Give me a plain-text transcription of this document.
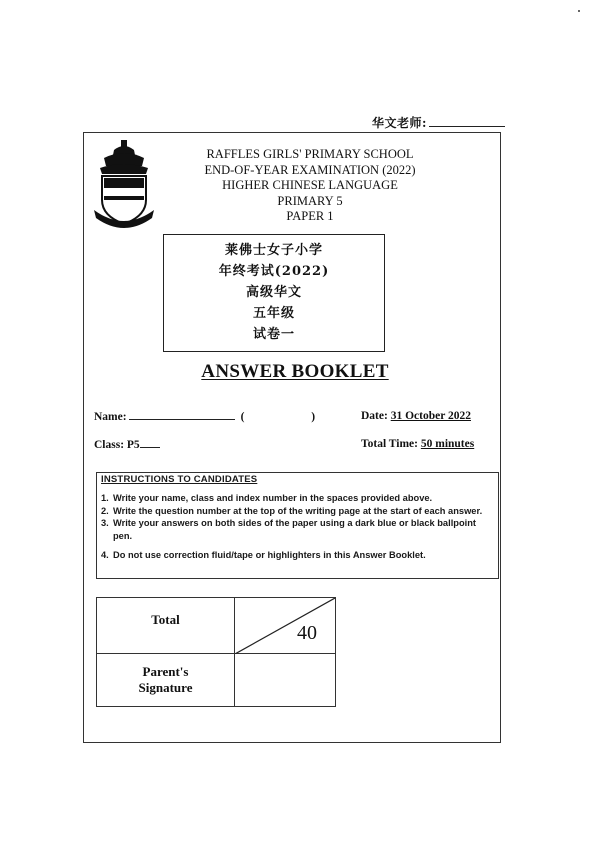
华文老师:
RAFFLES GIRLS' PRIMARY SCHOOL
END-OF-YEAR EXAMINATION (2022)
HIGHER CHINESE LANGUAGE
PRIMARY 5
PAPER 1
莱佛士女子小学
年终考试(2022)
高级华文
五年级
试卷一
ANSWER BOOKLET
Name:	( ) Date: 31 October 2022
Class: P5	Total Time: 50 minutes
INSTRUCTIONS TO CANDIDATES
1. Write your name, class and index number in the spaces provided above.
2. Write the question number at the top of the writing page at the start of each answer.
3. Write your answers on both sides of the paper using a dark blue or black ballpoint pen.
4. Do not use correction fluid/tape or highlighters in this Answer Booklet.
Total	40

Parent's
Signature	
